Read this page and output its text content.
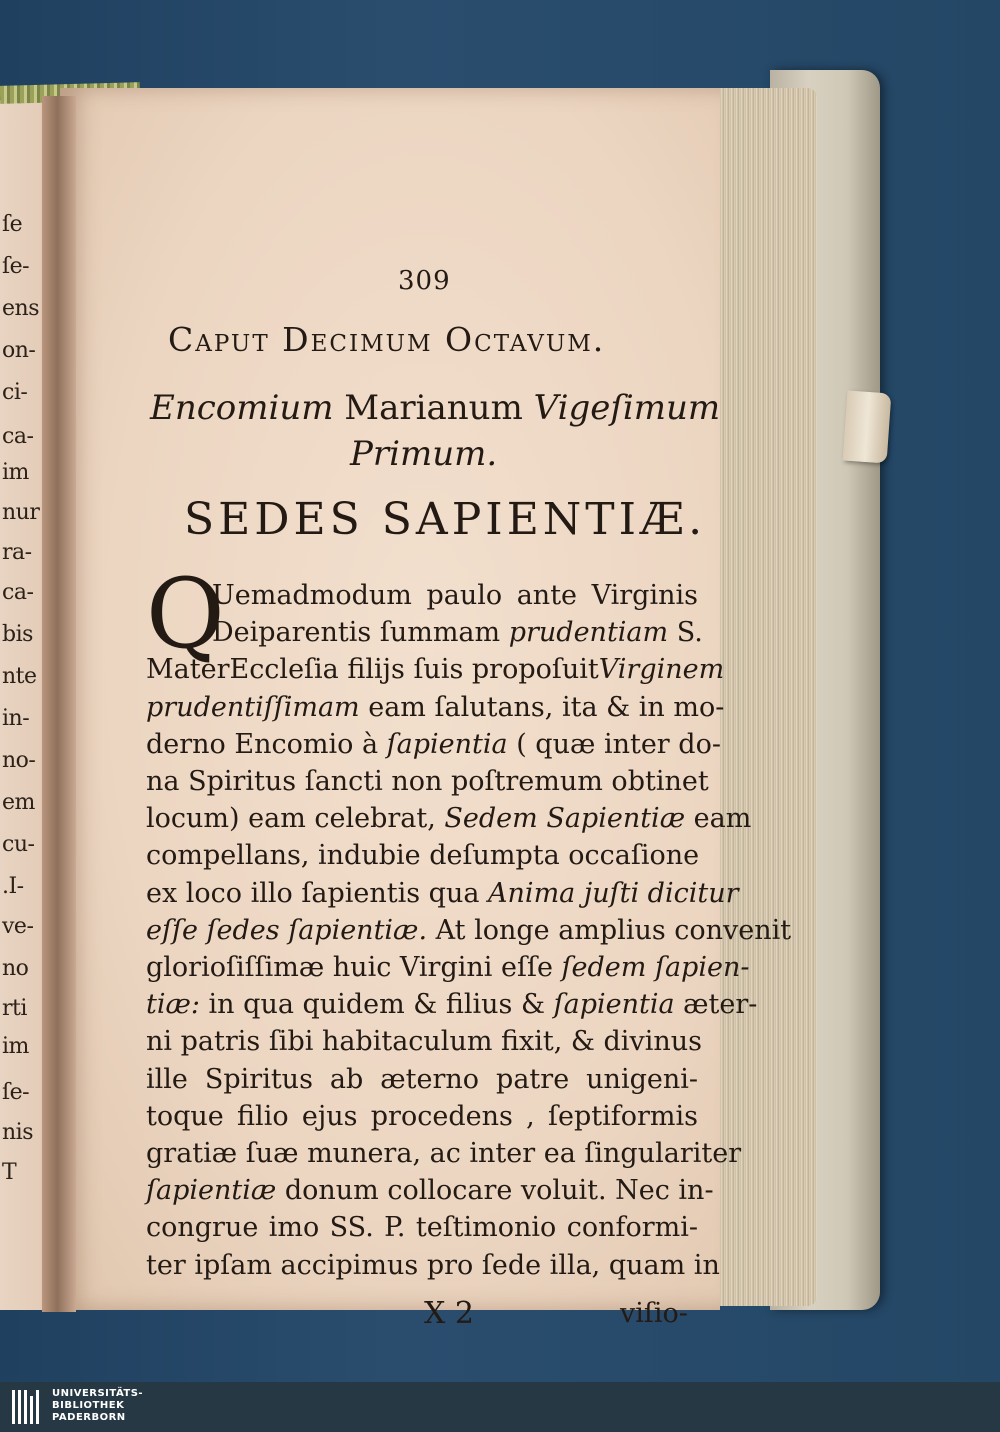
309
Caput Decimum Octavum.
Encomium Marianum Vigeſimum
Primum.
SEDES SAPIENTIÆ.
Q
Uemadmodum paulo ante Virginis
Deiparentis ſummam prudentiam S.
MaterEccleſia filijs ſuis propoſuitVirginem
prudentiſſimam eam ſalutans, ita & in mo-
derno Encomio à ſapientia ( quæ inter do-
na Spiritus ſancti non poſtremum obtinet
locum) eam celebrat, Sedem Sapientiæ eam
compellans, indubie deſumpta occaſione
ex loco illo ſapientis qua Anima juſti dicitur
eſſe ſedes ſapientiæ. At longe amplius convenit
glorioſiſſimæ huic Virgini eſſe ſedem ſapien-
tiæ: in qua quidem & filius & ſapientia æter-
ni patris ſibi habitaculum fixit, & divinus
ille Spiritus ab æterno patre unigeni-
toque filio ejus procedens , ſeptiformis
gratiæ ſuæ munera, ac inter ea ſingulariter
ſapientiæ donum collocare voluit. Nec in-
congrue imo SS. P. teſtimonio conformi-
ter ipſam accipimus pro ſede illa, quam in
X 2	viſio-
ſe
ſe-
ens
on-
ci-
ca-
im
nur
ra-
ca-
bis
nte
in-
no-
em
cu-
.I-
ve-
no
rti
im
ſe-
nis
T
UNIVERSITÄTS-
BIBLIOTHEK
PADERBORN
